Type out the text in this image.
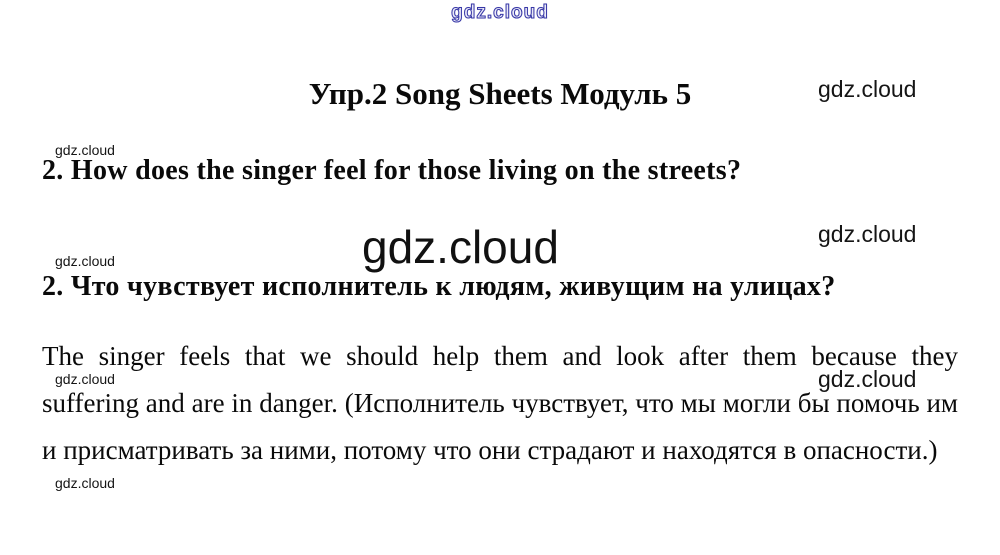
gdz.cloud
Упр.2 Song Sheets Модуль 5	gdz.cloud
gdz.cloud
gdz.cloud
gdz.cloud
gdz.cloud
gdz.cloud
gdz.cloud
gdz.cloud
2. How does the singer feel for those living on the streets?
2. Что чувствует исполнитель к людям, живущим на улицах?
The singer feels that we should help them and look after them because they suffering and are in danger. (Исполнитель чувствует, что мы могли бы помочь им и присматривать за ними, потому что они страдают и находятся в опасности.)
